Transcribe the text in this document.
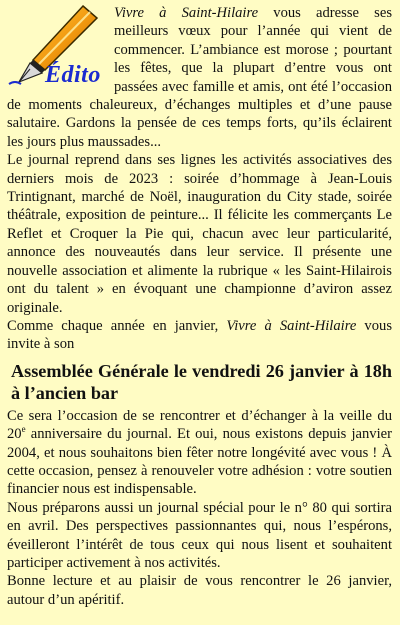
Édito

Vivre à Saint-Hilaire vous adresse ses meilleurs vœux pour l’année qui vient de commencer. L’ambiance est morose ; pourtant les fêtes, que la plupart d’entre vous ont passées avec famille et amis, ont été l’occasion de moments chaleureux, d’échanges multiples et d’une pause salutaire. Gardons la pensée de ces temps forts, qu’ils éclairent les jours plus maussades...

Le journal reprend dans ses lignes les activités associatives des derniers mois de 2023 : soirée d’hommage à Jean-Louis Trintignant, marché de Noël, inauguration du City stade, soirée théâtrale, exposition de peinture... Il félicite les commerçants Le Reflet et Croquer la Pie qui, chacun avec leur particularité, annonce des nouveautés dans leur service. Il présente une nouvelle association et alimente la rubrique « les Saint-Hilairois ont du talent » en évoquant une championne d’aviron assez originale.

Comme chaque année en janvier, Vivre à Saint-Hilaire vous invite à son

Assemblée Générale le vendredi 26 janvier à 18h à l’ancien bar

Ce sera l’occasion de se rencontrer et d’échanger à la veille du 20e anniversaire du journal. Et oui, nous existons depuis janvier 2004, et nous souhaitons bien fêter notre longévité avec vous ! À cette occasion, pensez à renouveler votre adhésion : votre soutien financier nous est indispensable.

Nous préparons aussi un journal spécial pour le n° 80 qui sortira en avril. Des perspectives passionnantes qui, nous l’espérons, éveilleront l’intérêt de tous ceux qui nous lisent et souhaitent participer activement à nos activités.

Bonne lecture et au plaisir de vous rencontrer le 26 janvier, autour d’un apéritif.
